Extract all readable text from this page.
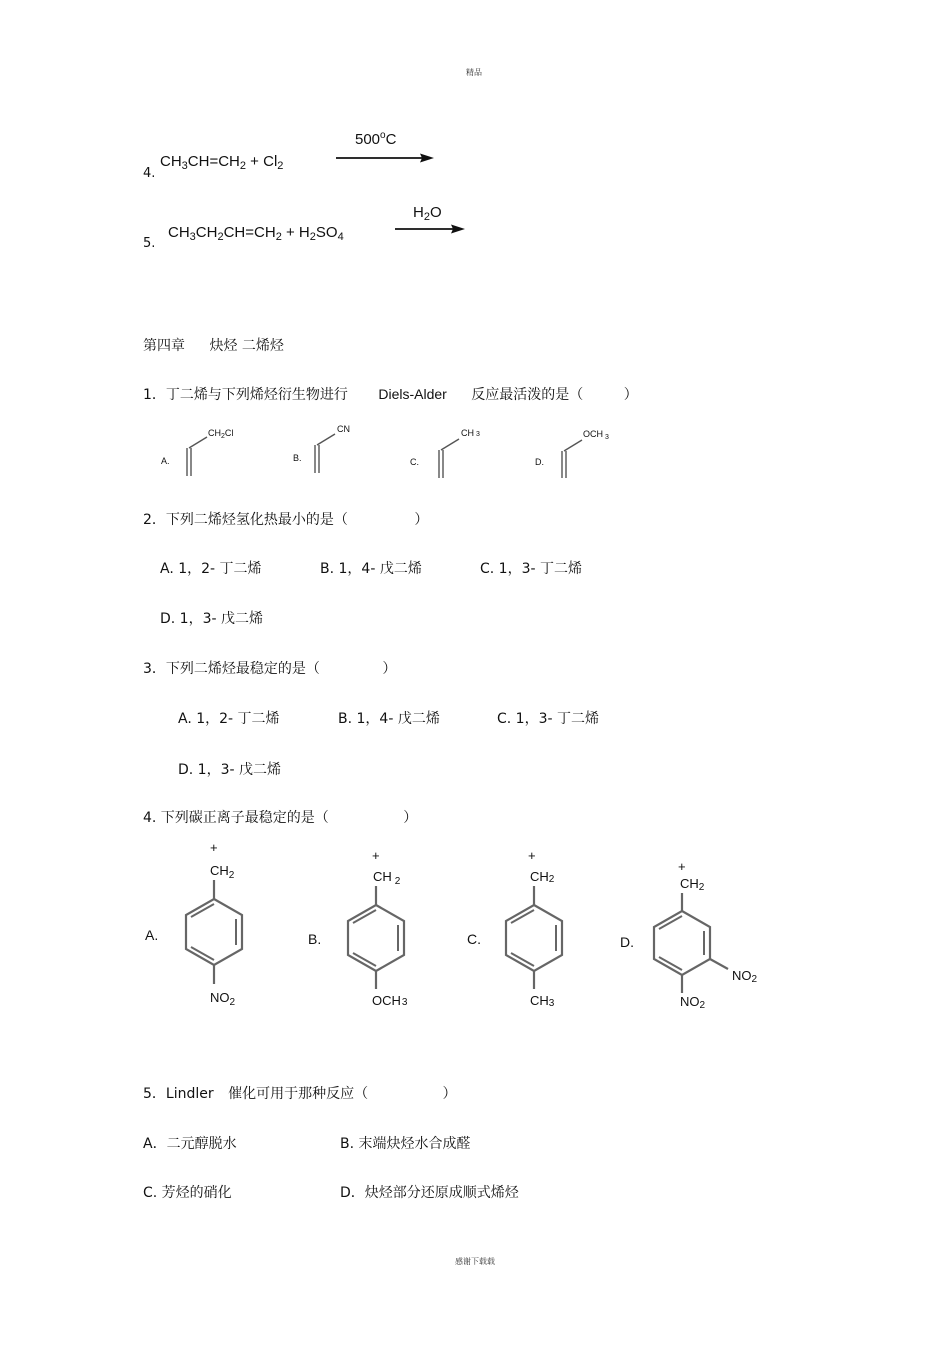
精品
感谢下载载
4.
$CH_3CH=CH_2 + Cl_2$
500$^o$C
5.
$CH_3CH_2CH=CH_2 + H_2SO_4$
$H_2O$
第四章 炔烃 二烯烃
1．丁二烯与下列烯烃衍生物进行 Diels-Alder 反应最活泼的是（	）
A.
$CH_2Cl$
B.
CN
C.
CH 3
D.
OCH $_3$
2．下列二烯烃氢化热最小的是（	）
A. 1，2- 丁二烯	B. 1，4- 戊二烯	C. 1，3- 丁二烯
D. 1，3- 戊二烯
3．下列二烯烃最稳定的是（	）
A. 1，2- 丁二烯	B. 1，4- 戊二烯	C. 1，3- 丁二烯
D. 1，3- 戊二烯
4. 下列碳正离子最稳定的是（	）
A.
+
$CH_2$
$NO_2$
B.
+
CH $_2$
OCH3
C.
+
CH2
CH3
D.
+
CH2
NO2
NO2
5．Lindler 催化可用于那种反应（	）
A．二元醇脱水	B. 末端炔烃水合成醛
C. 芳烃的硝化	D．炔烃部分还原成顺式烯烃
